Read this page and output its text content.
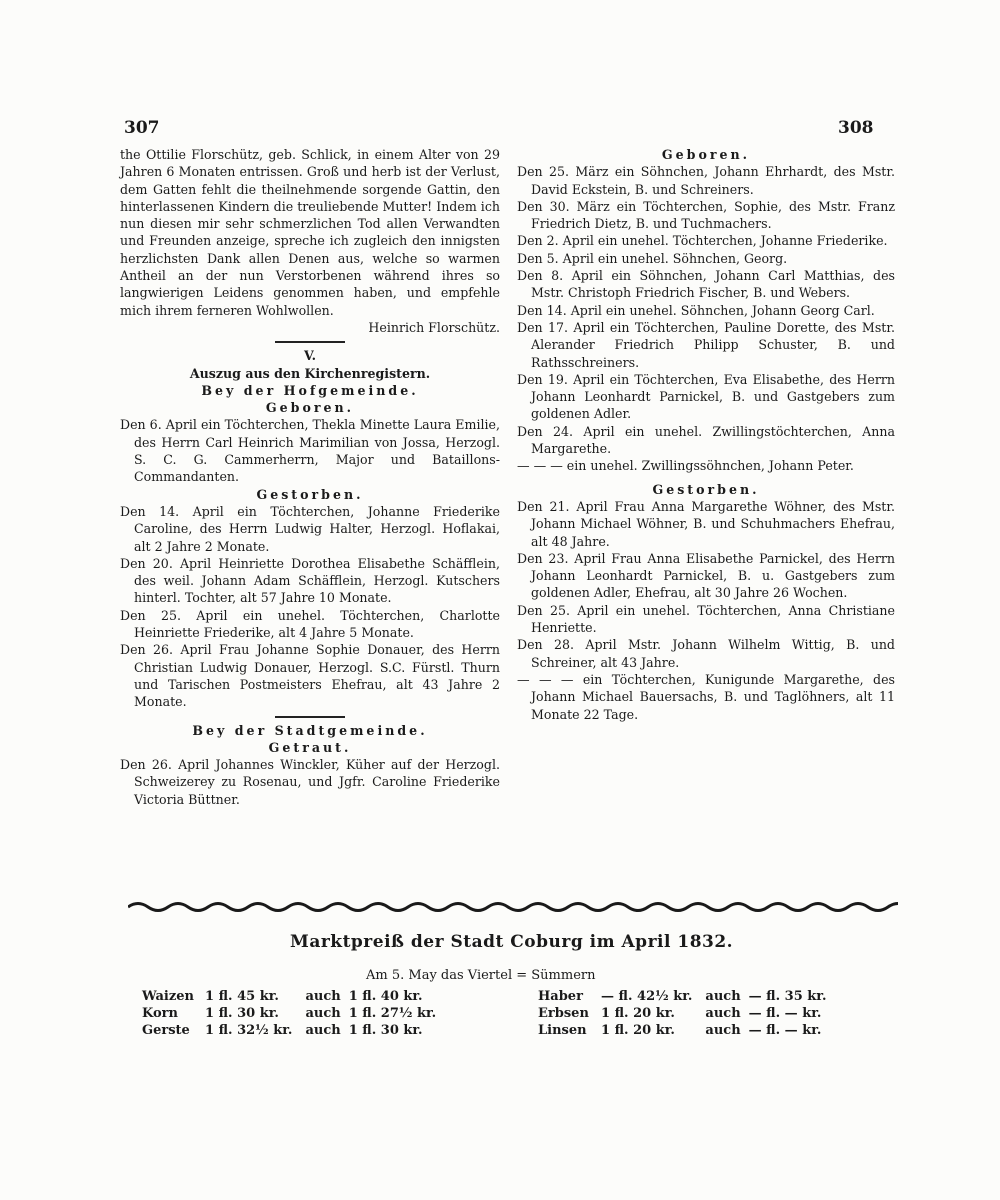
307	308

the Ottilie Florschütz, geb. Schlick, in einem Alter von 29 Jahren 6 Monaten entrissen. Groß und herb ist der Verlust, dem Gatten fehlt die theilnehmende sorgende Gattin, den hinterlassenen Kindern die treuliebende Mutter! Indem ich nun diesen mir sehr schmerzlichen Tod allen Verwandten und Freunden anzeige, spreche ich zugleich den innigsten herzlichsten Dank allen Denen aus, welche so warmen Antheil an der nun Verstorbenen während ihres so langwierigen Leidens genommen haben, und empfehle mich ihrem ferneren Wohlwollen.

Heinrich Florschütz.

V.

Auszug aus den Kirchenregistern.

Bey der Hofgemeinde.

Geboren.

Den 6. April ein Töchterchen, Thekla Minette Laura Emilie, des Herrn Carl Heinrich Marimilian von Jossa, Herzogl. S. C. G. Cammerherrn, Major und Bataillons-Commandanten.

Gestorben.

Den 14. April ein Töchterchen, Johanne Friederike Caroline, des Herrn Ludwig Halter, Herzogl. Hoflakai, alt 2 Jahre 2 Monate.

Den 20. April Heinriette Dorothea Elisabethe Schäfflein, des weil. Johann Adam Schäfflein, Herzogl. Kutschers hinterl. Tochter, alt 57 Jahre 10 Monate.

Den 25. April ein unehel. Töchterchen, Charlotte Heinriette Friederike, alt 4 Jahre 5 Monate.

Den 26. April Frau Johanne Sophie Donauer, des Herrn Christian Ludwig Donauer, Herzogl. S.C. Fürstl. Thurn und Tarischen Postmeisters Ehefrau, alt 43 Jahre 2 Monate.

Bey der Stadtgemeinde.

Getraut.

Den 26. April Johannes Winckler, Küher auf der Herzogl. Schweizerey zu Rosenau, und Jgfr. Caroline Friederike Victoria Büttner.

Geboren.

Den 25. März ein Söhnchen, Johann Ehrhardt, des Mstr. David Eckstein, B. und Schreiners.

Den 30. März ein Töchterchen, Sophie, des Mstr. Franz Friedrich Dietz, B. und Tuchmachers.

Den 2. April ein unehel. Töchterchen, Johanne Friederike.

Den 5. April ein unehel. Söhnchen, Georg.

Den 8. April ein Söhnchen, Johann Carl Matthias, des Mstr. Christoph Friedrich Fischer, B. und Webers.

Den 14. April ein unehel. Söhnchen, Johann Georg Carl.

Den 17. April ein Töchterchen, Pauline Dorette, des Mstr. Alerander Friedrich Philipp Schuster, B. und Rathsschreiners.

Den 19. April ein Töchterchen, Eva Elisabethe, des Herrn Johann Leonhardt Parnickel, B. und Gastgebers zum goldenen Adler.

Den 24. April ein unehel. Zwillingstöchterchen, Anna Margarethe.

— — — ein unehel. Zwillingssöhnchen, Johann Peter.

Gestorben.

Den 21. April Frau Anna Margarethe Wöhner, des Mstr. Johann Michael Wöhner, B. und Schuhmachers Ehefrau, alt 48 Jahre.

Den 23. April Frau Anna Elisabethe Parnickel, des Herrn Johann Leonhardt Parnickel, B. u. Gastgebers zum goldenen Adler, Ehefrau, alt 30 Jahre 26 Wochen.

Den 25. April ein unehel. Töchterchen, Anna Christiane Henriette.

Den 28. April Mstr. Johann Wilhelm Wittig, B. und Schreiner, alt 43 Jahre.

— — — ein Töchterchen, Kunigunde Margarethe, des Johann Michael Bauersachs, B. und Taglöhners, alt 11 Monate 22 Tage.

Marktpreiß der Stadt Coburg im April 1832.
Am 5. May das Viertel = Sümmern
Waizen	1 fl. 45 kr.	auch	1 fl. 40 kr.
Korn	1 fl. 30 kr.	auch	1 fl. 27½ kr.
Gerste	1 fl. 32½ kr.	auch	1 fl. 30 kr.
Haber	— fl. 42½ kr.	auch	— fl. 35 kr.
Erbsen	1 fl. 20 kr.	auch	— fl. — kr.
Linsen	1 fl. 20 kr.	auch	— fl. — kr.
